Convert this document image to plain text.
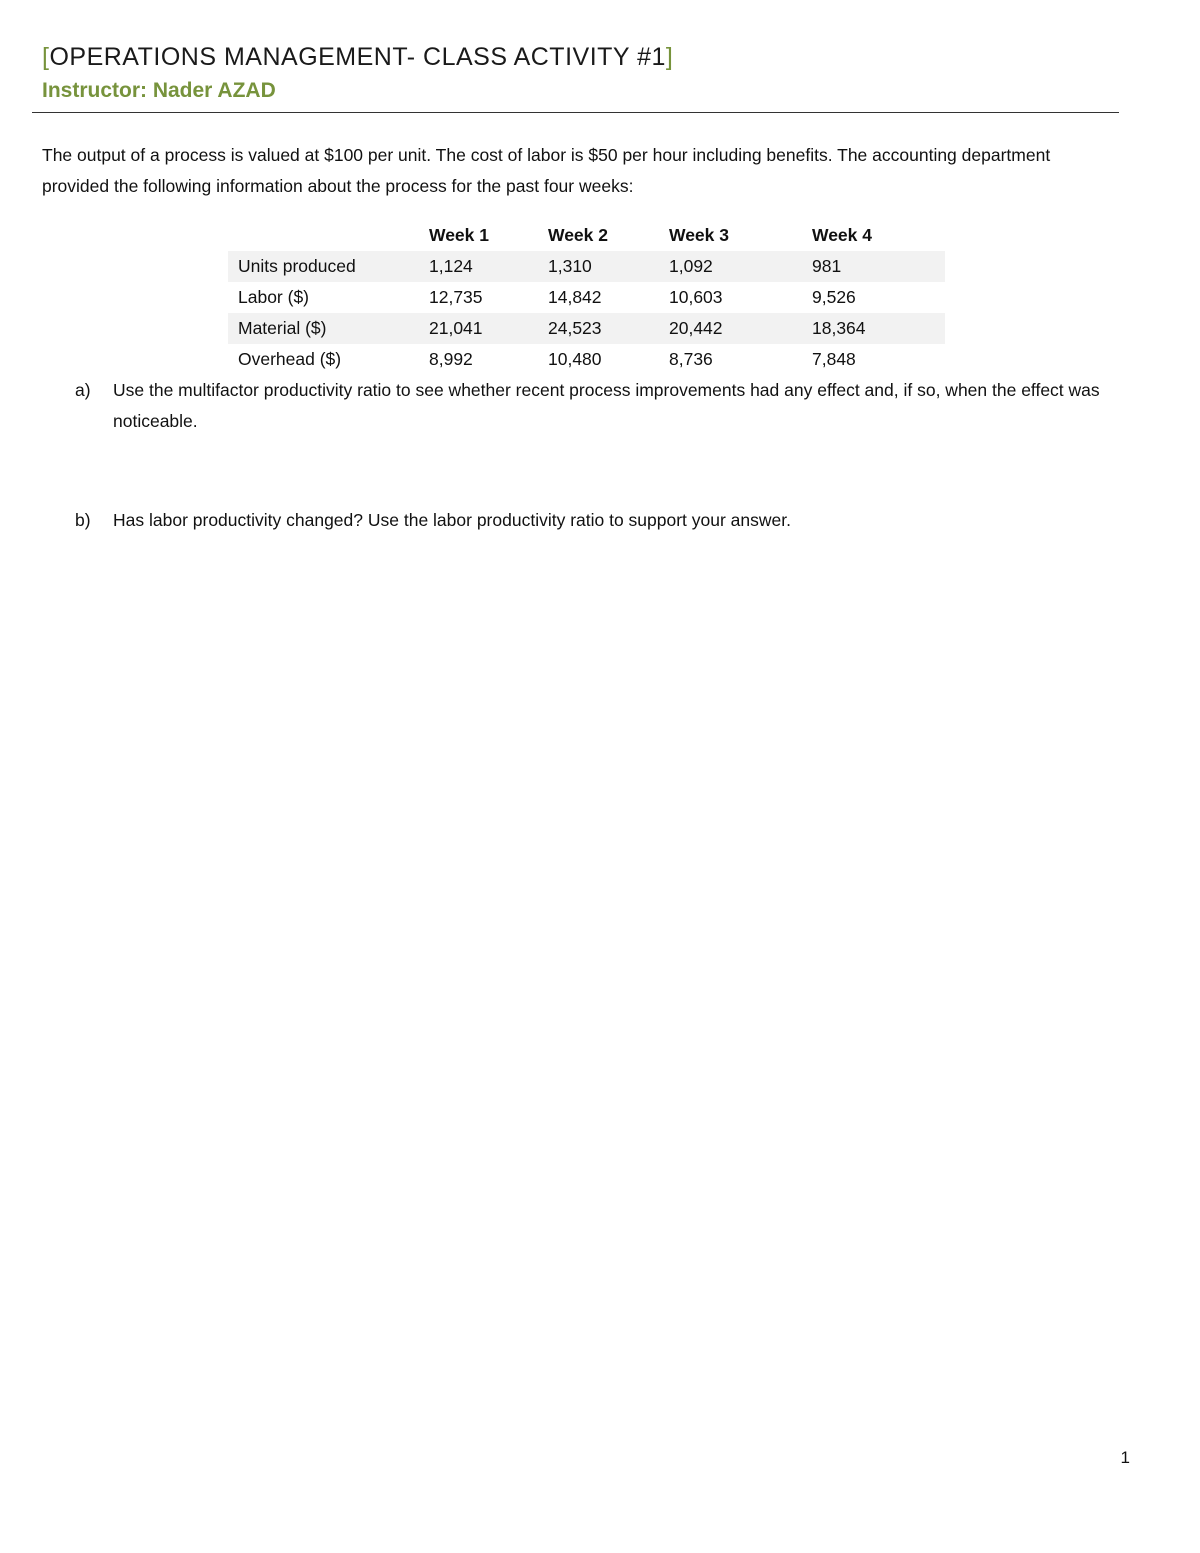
[OPERATIONS MANAGEMENT- CLASS ACTIVITY #1]
Instructor: Nader AZAD
The output of a process is valued at $100 per unit. The cost of labor is $50 per hour including benefits. The accounting department provided the following information about the process for the past four weeks:
	Week 1	Week 2	Week 3	Week 4
Units produced	1,124	1,310	1,092	981
Labor ($)	12,735	14,842	10,603	9,526
Material ($)	21,041	24,523	20,442	18,364
Overhead ($)	8,992	10,480	8,736	7,848
a)	Use the multifactor productivity ratio to see whether recent process improvements had any effect and, if so, when the effect was noticeable.
b)	Has labor productivity changed? Use the labor productivity ratio to support your answer.
1
